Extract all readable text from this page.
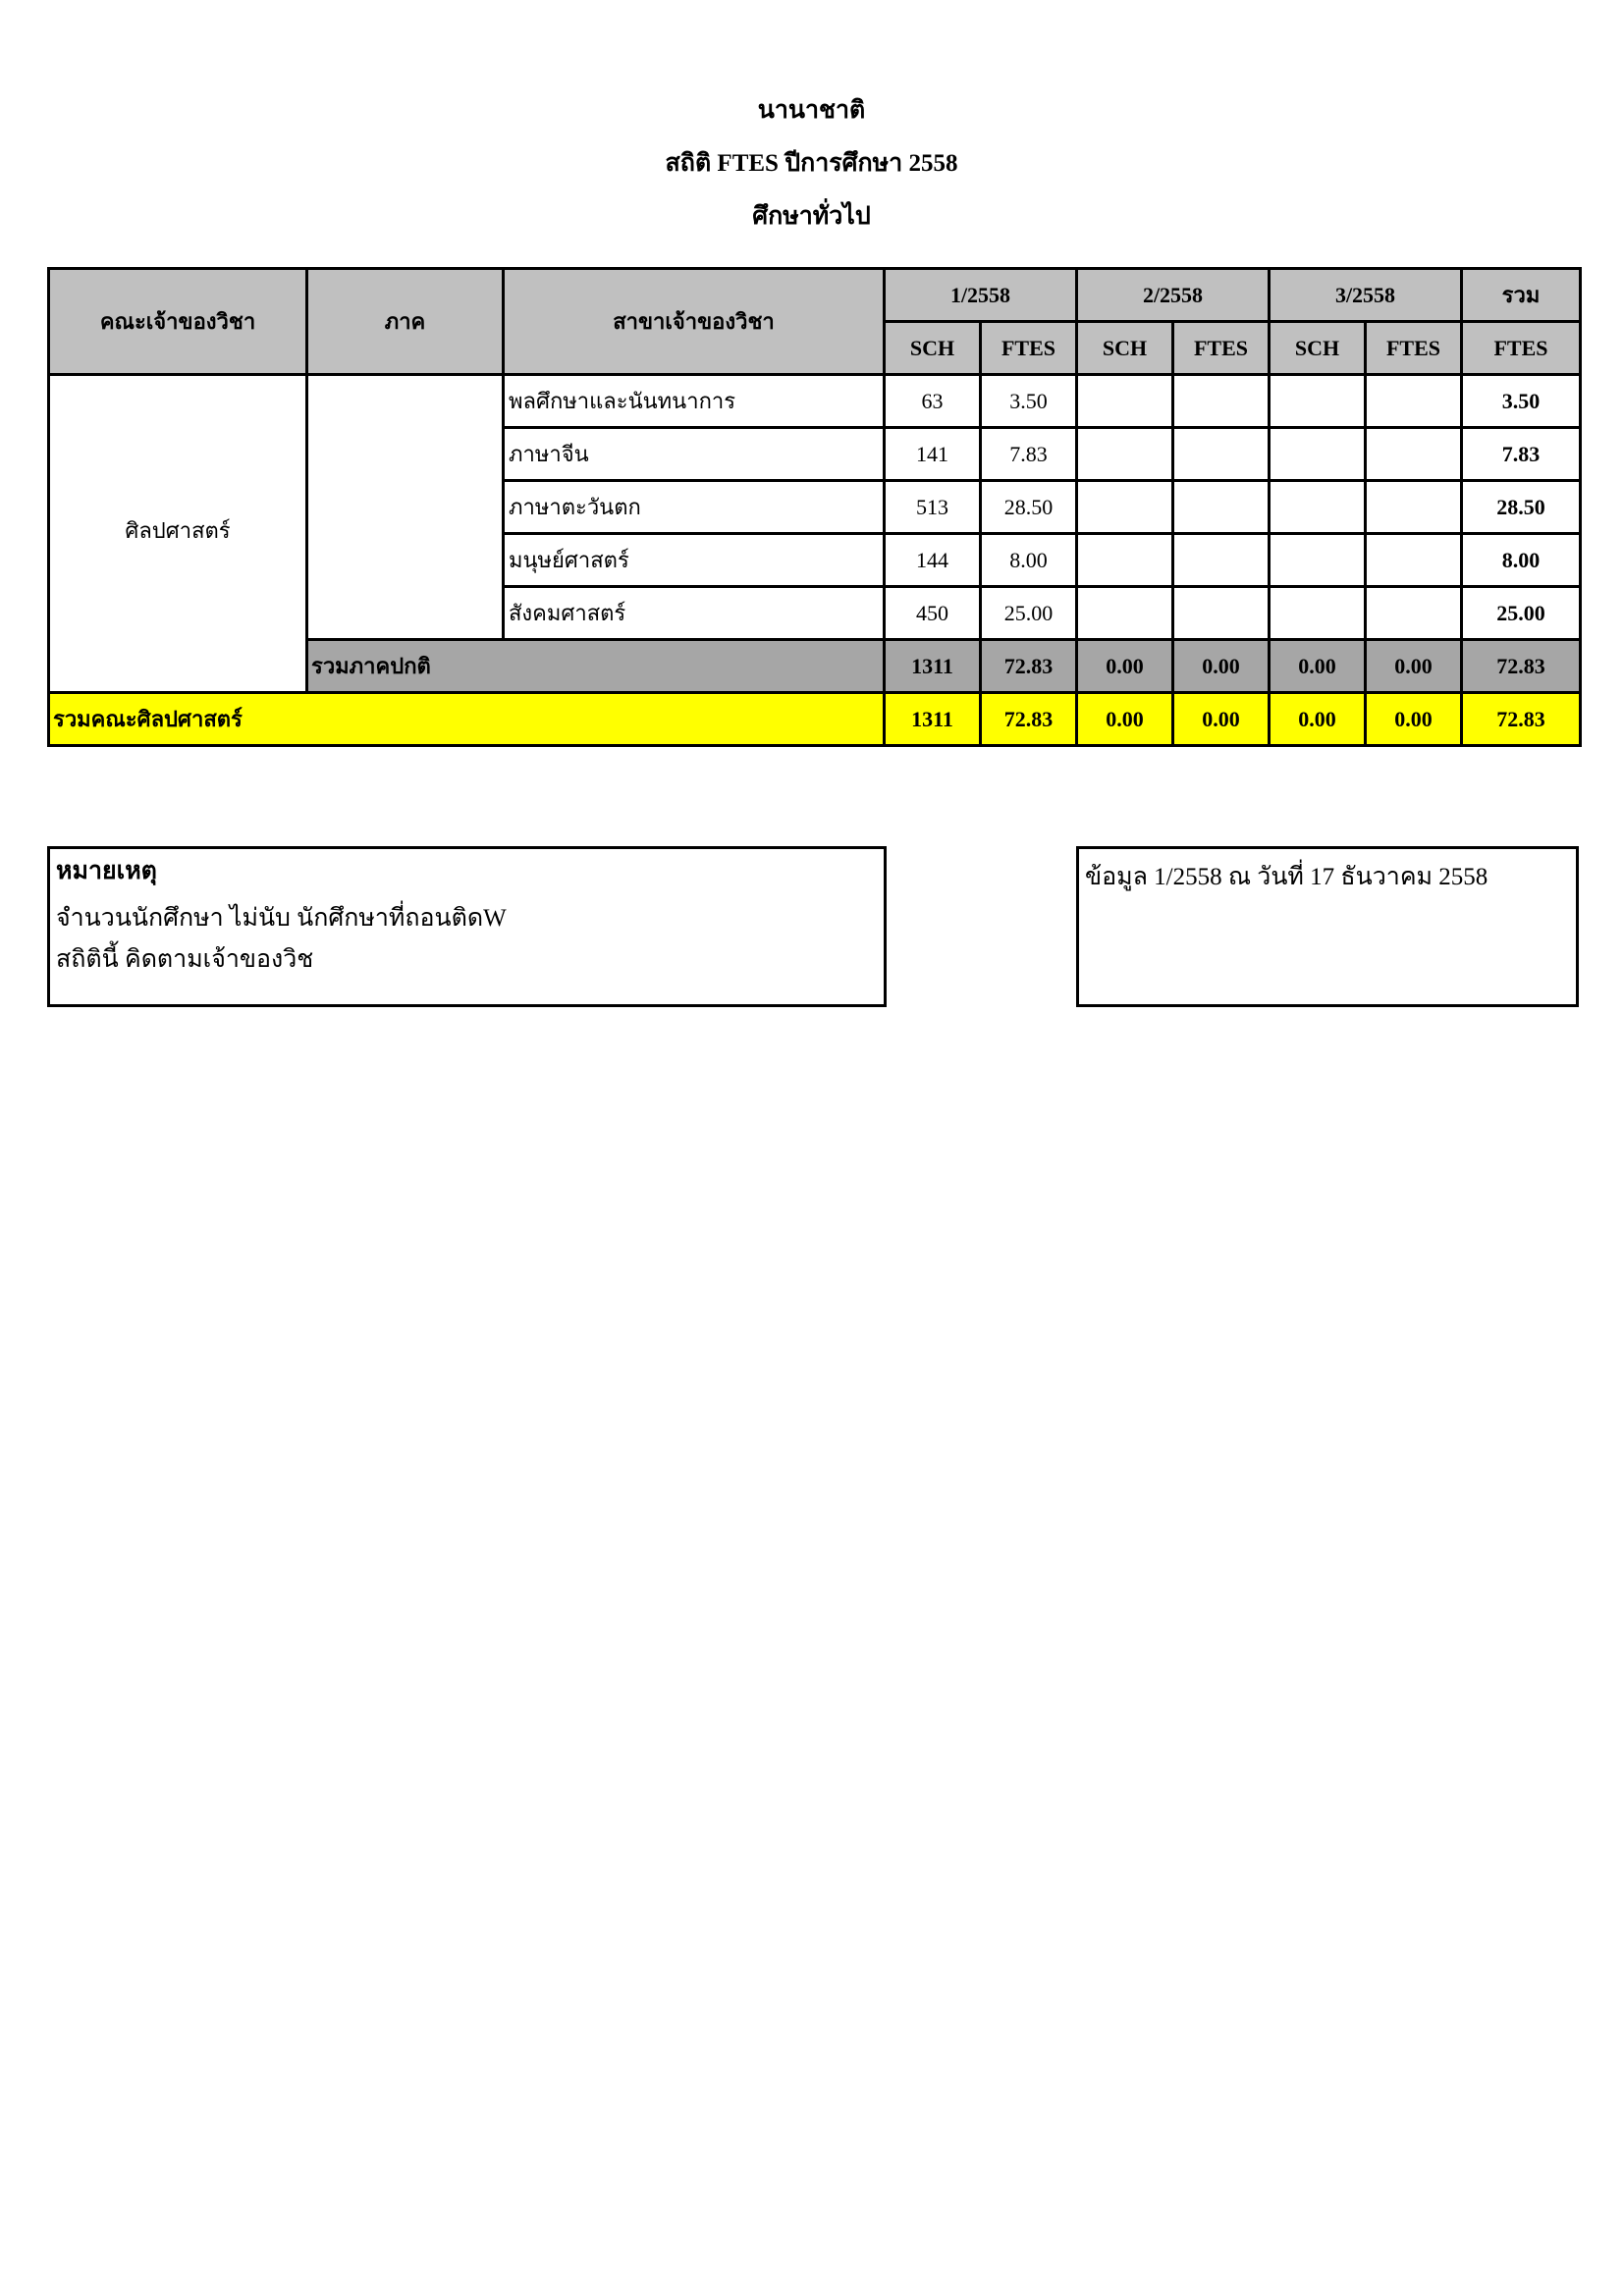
นานาชาติ
สถิติ FTES ปีการศึกษา 2558
ศึกษาทั่วไป
คณะเจ้าของวิชา	ภาค	สาขาเจ้าของวิชา	1/2558		2/2558		3/2558		รวม
			SCH	FTES	SCH	FTES	SCH	FTES	FTES
ศิลปศาสตร์		พลศึกษาและนันทนาการ	63	3.50					3.50
		ภาษาจีน	141	7.83					7.83
		ภาษาตะวันตก	513	28.50					28.50
		มนุษย์ศาสตร์	144	8.00					8.00
		สังคมศาสตร์	450	25.00					25.00
	รวมภาคปกติ		1311	72.83	0.00	0.00	0.00	0.00	72.83
รวมคณะศิลปศาสตร์			1311	72.83	0.00	0.00	0.00	0.00	72.83
หมายเหตุ
จำนวนนักศึกษา ไม่นับ นักศึกษาที่ถอนติดW
สถิตินี้ คิดตามเจ้าของวิช
ข้อมูล 1/2558 ณ วันที่ 17 ธันวาคม 2558
